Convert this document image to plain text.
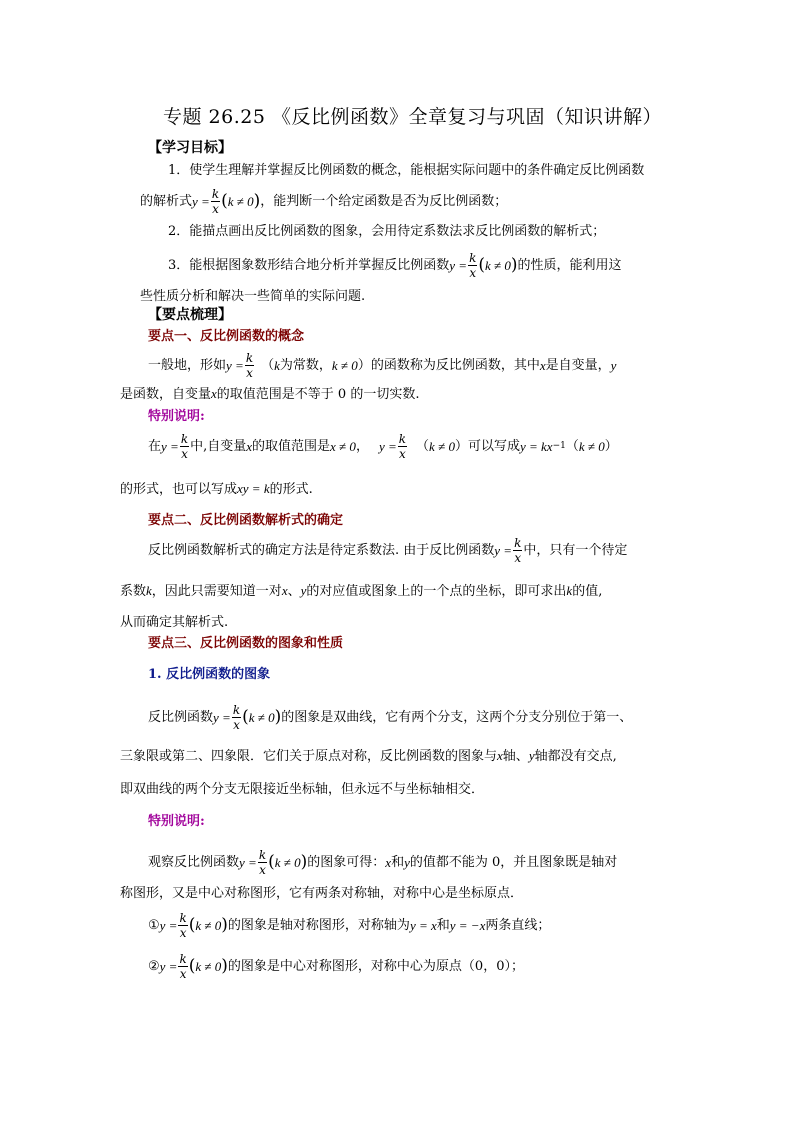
专题 26.25 《反比例函数》全章复习与巩固（知识讲解）
【学习目标】
1．使学生理解并掌握反比例函数的概念，能根据实际问题中的条件确定反比例函数
的解析式 $y = \frac{k}{x}$ ( k ≠ 0 ) ，能判断一个给定函数是否为反比例函数；
2．能描点画出反比例函数的图象，会用待定系数法求反比例函数的解析式；
3．能根据图象数形结合地分析并掌握反比例函数 $y = \frac{k}{x}$ ( k ≠ 0 ) 的性质，能利用这
些性质分析和解决一些简单的实际问题.
【要点梳理】
要点一、反比例函数的概念
一般地，形如 $y = \frac{k}{x}$ （ k 为常数， k ≠ 0 ）的函数称为反比例函数，其中 x 是自变量， y
是函数，自变量x的取值范围是不等于 0 的一切实数.
特别说明:
在 $y = \frac{k}{x}$ 中,自变量 x 的取值范围是 x ≠ 0 ， $y = \frac{k}{x}$ （ k ≠ 0 ） 可以写成 y = kx −1 （ k ≠ 0 ）
的形式，也可以写成xy = k的形式.
要点二、反比例函数解析式的确定
反比例函数解析式的确定方法是待定系数法. 由于反比例函数 $y = \frac{k}{x}$ 中，只有一个待定
系数k，因此只需要知道一对x、y的对应值或图象上的一个点的坐标，即可求出k的值,
从而确定其解析式.
要点三、反比例函数的图象和性质
1. 反比例函数的图象
反比例函数 $y = \frac{k}{x}$ ( k ≠ 0 ) 的图象是双曲线，它有两个分支，这两个分支分别位于第一、
三象限或第二、四象限．它们关于原点对称，反比例函数的图象与x轴、y轴都没有交点,
即双曲线的两个分支无限接近坐标轴，但永远不与坐标轴相交．
特别说明:
观察反比例函数 $y = \frac{k}{x}$ ( k ≠ 0 ) 的图象可得： x 和 y 的值都不能为 0，并且图象既是轴对
称图形，又是中心对称图形，它有两条对称轴，对称中心是坐标原点．
① $y = \frac{k}{x}$ ( k ≠ 0 ) 的图象是轴对称图形，对称轴为 y = x 和 y = −x 两条直线；
② $y = \frac{k}{x}$ ( k ≠ 0 ) 的图象是中心对称图形，对称中心为原点（0，0）；
